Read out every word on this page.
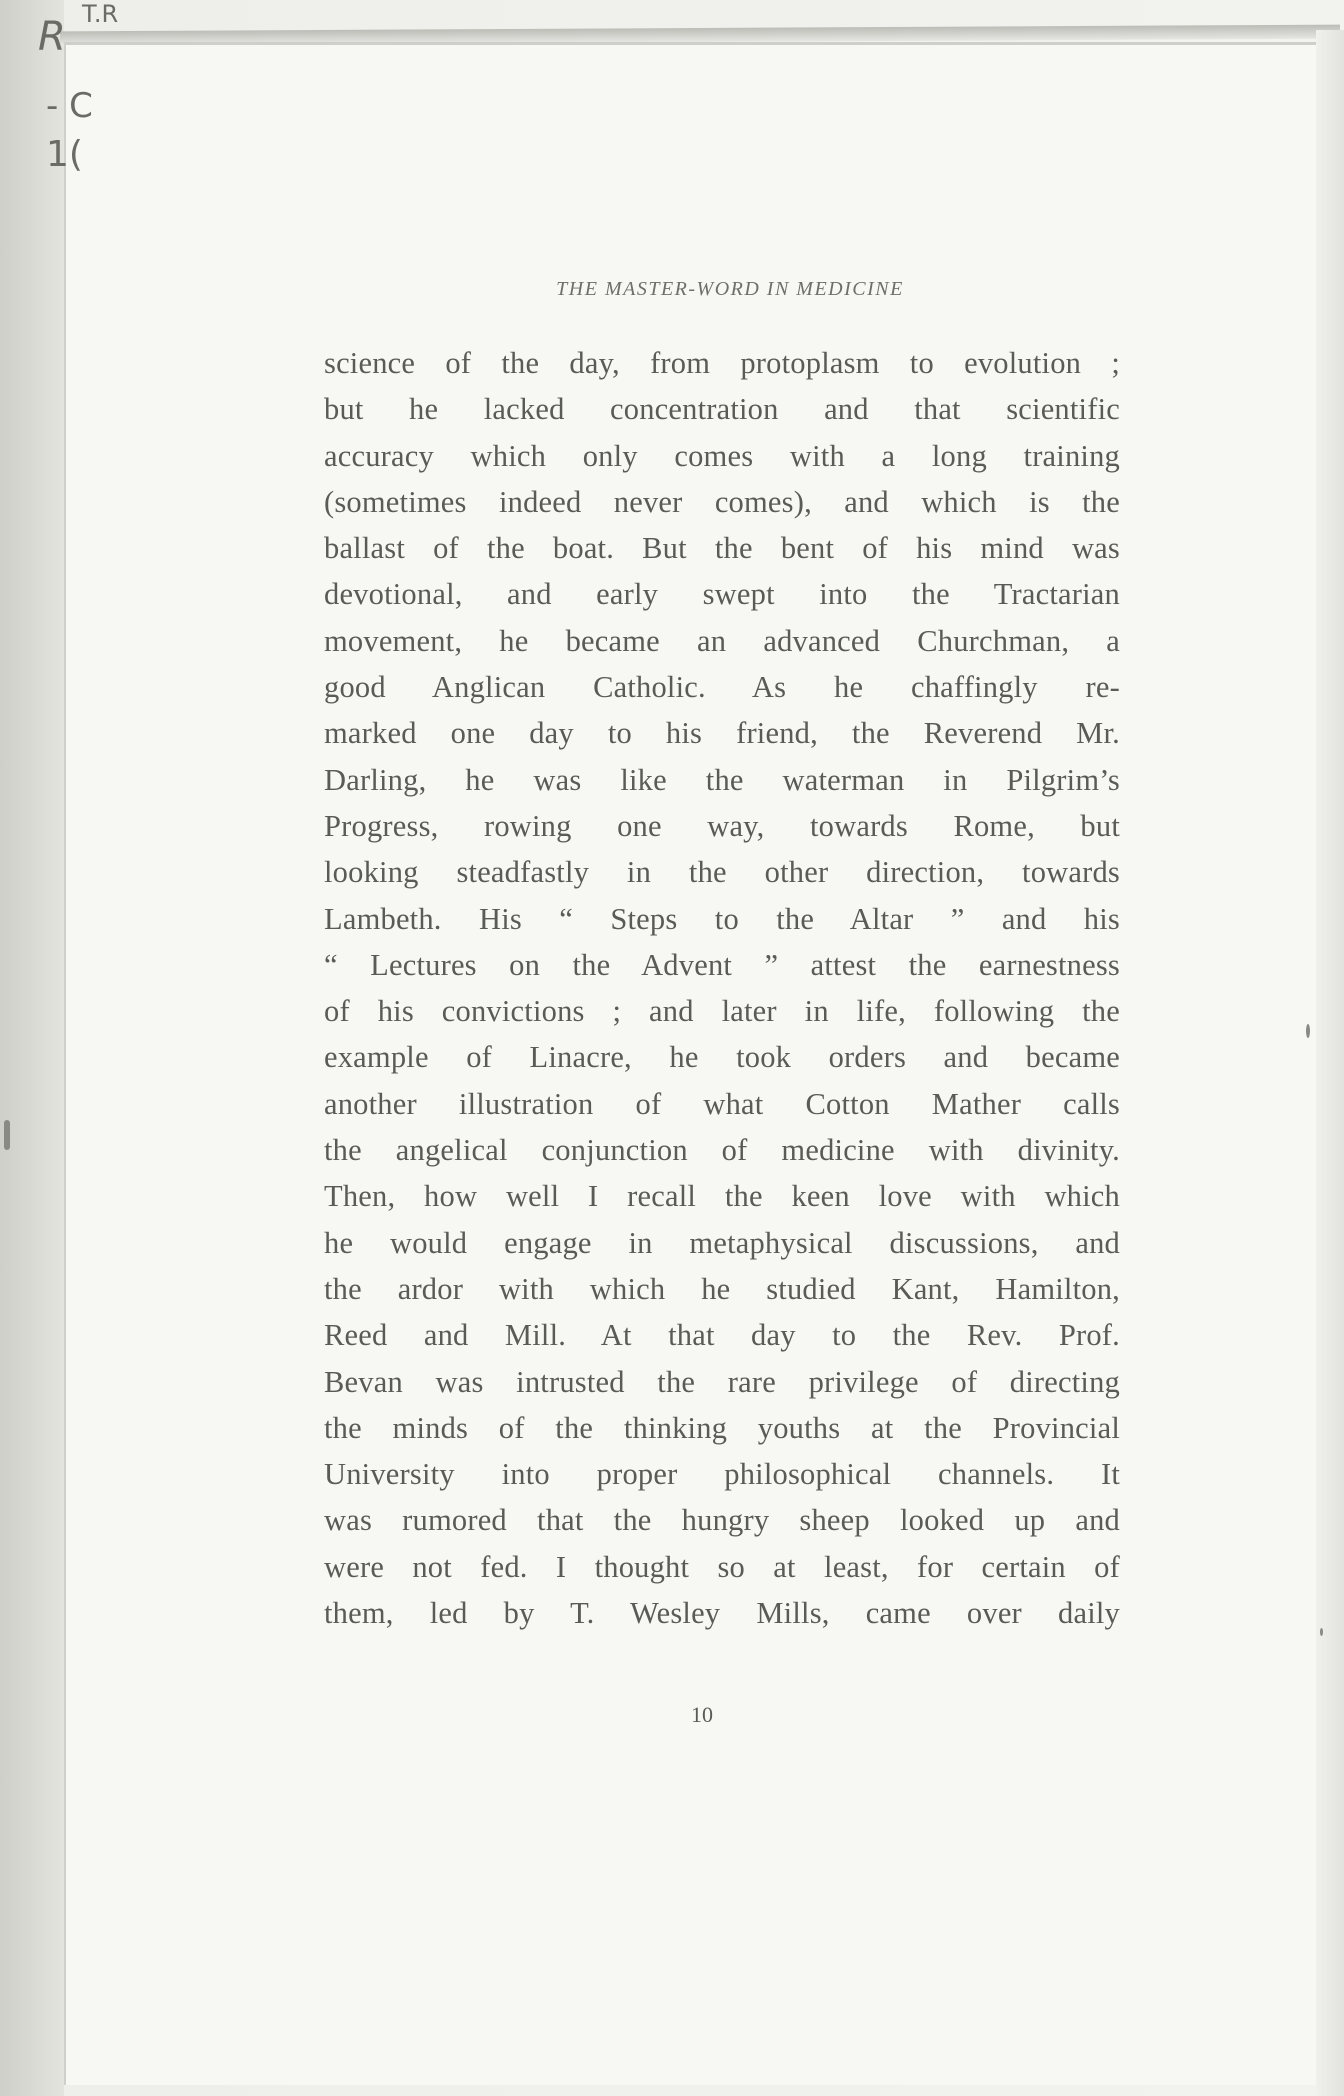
R T.R
- C
1(
THE MASTER-WORD IN MEDICINE
science of the day, from protoplasm to evolution ;
but he lacked concentration and that scientific
accuracy which only comes with a long training
(sometimes indeed never comes), and which is the
ballast of the boat. But the bent of his mind was
devotional, and early swept into the Tractarian
movement, he became an advanced Churchman, a
good Anglican Catholic. As he chaffingly re-
marked one day to his friend, the Reverend Mr.
Darling, he was like the waterman in Pilgrim’s
Progress, rowing one way, towards Rome, but
looking steadfastly in the other direction, towards
Lambeth. His “ Steps to the Altar ” and his
“ Lectures on the Advent ” attest the earnestness
of his convictions ; and later in life, following the
example of Linacre, he took orders and became
another illustration of what Cotton Mather calls
the angelical conjunction of medicine with divinity.
Then, how well I recall the keen love with which
he would engage in metaphysical discussions, and
the ardor with which he studied Kant, Hamilton,
Reed and Mill. At that day to the Rev. Prof.
Bevan was intrusted the rare privilege of directing
the minds of the thinking youths at the Provincial
University into proper philosophical channels. It
was rumored that the hungry sheep looked up and
were not fed. I thought so at least, for certain of
them, led by T. Wesley Mills, came over daily
10
